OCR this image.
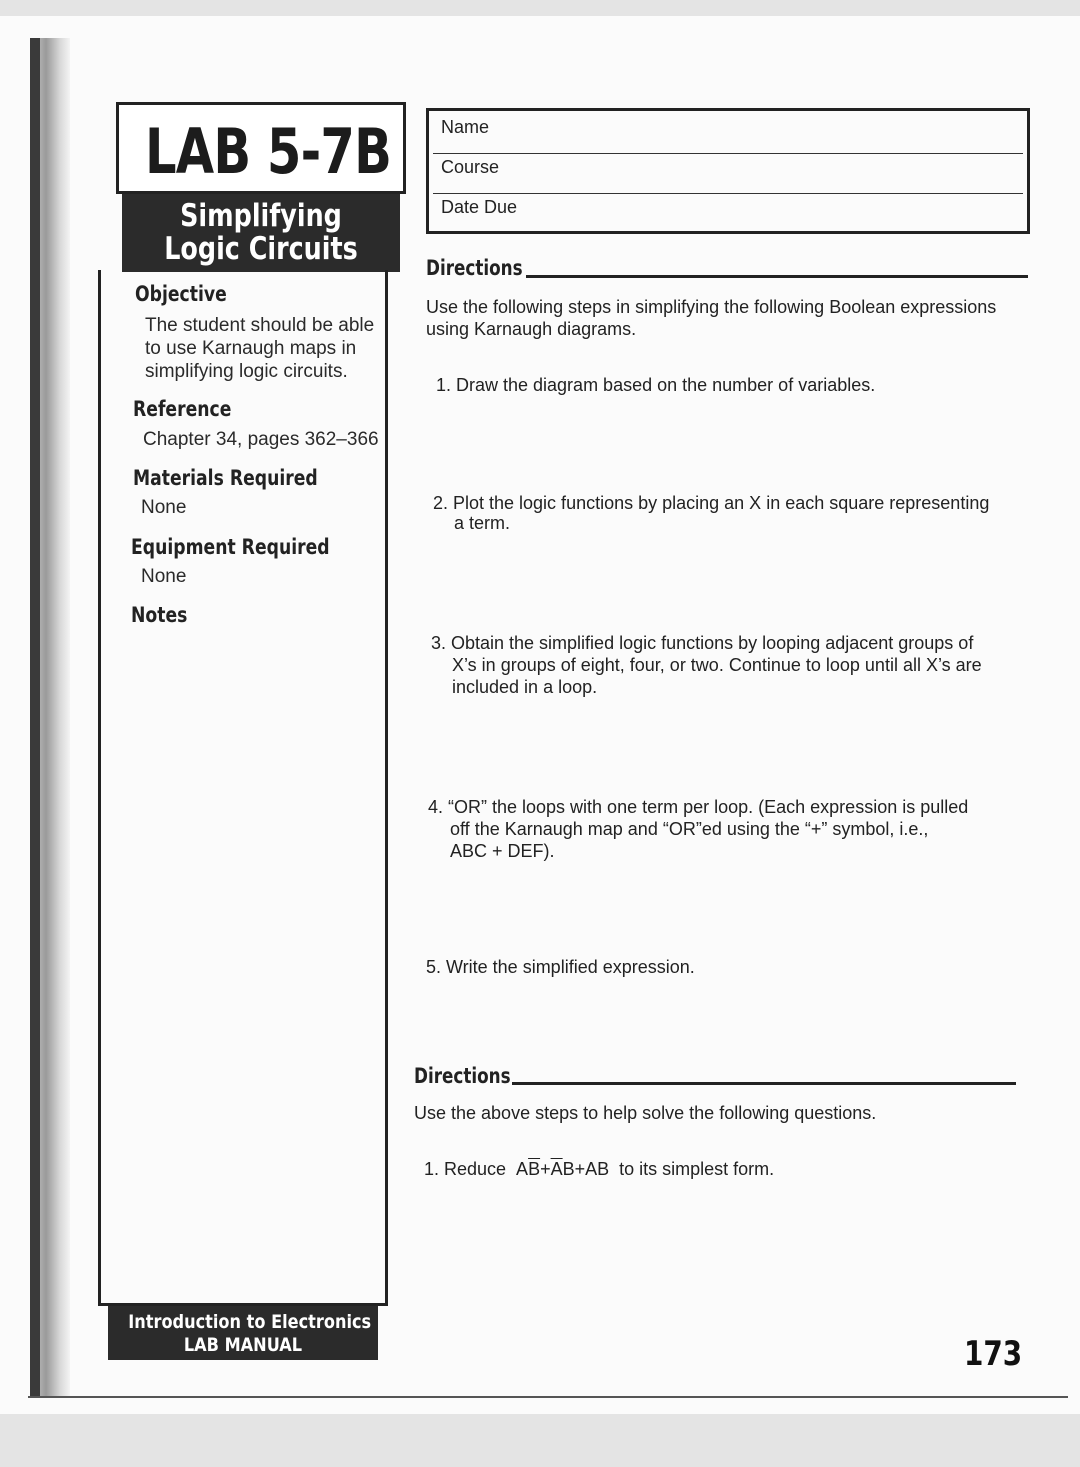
LAB 5-7B
Simplifying
Logic Circuits
Objective
The student should be able
to use Karnaugh maps in
simplifying logic circuits.
Reference
Chapter 34, pages 362–366
Materials Required
None
Equipment Required
None
Notes
Introduction to Electronics
LAB MANUAL
Name
Course
Date Due
Directions
Use the following steps in simplifying the following Boolean expressions
using Karnaugh diagrams.
1. Draw the diagram based on the number of variables.
2. Plot the logic functions by placing an X in each square representing
a term.
3. Obtain the simplified logic functions by looping adjacent groups of
X’s in groups of eight, four, or two. Continue to loop until all X’s are
included in a loop.
4. “OR” the loops with one term per loop. (Each expression is pulled
off the Karnaugh map and “OR”ed using the “+” symbol, i.e.,
ABC + DEF).
5. Write the simplified expression.
Directions
Use the above steps to help solve the following questions.
1. Reduce $A\overline{B}+\overline{A}B+AB$ to its simplest form.
173
